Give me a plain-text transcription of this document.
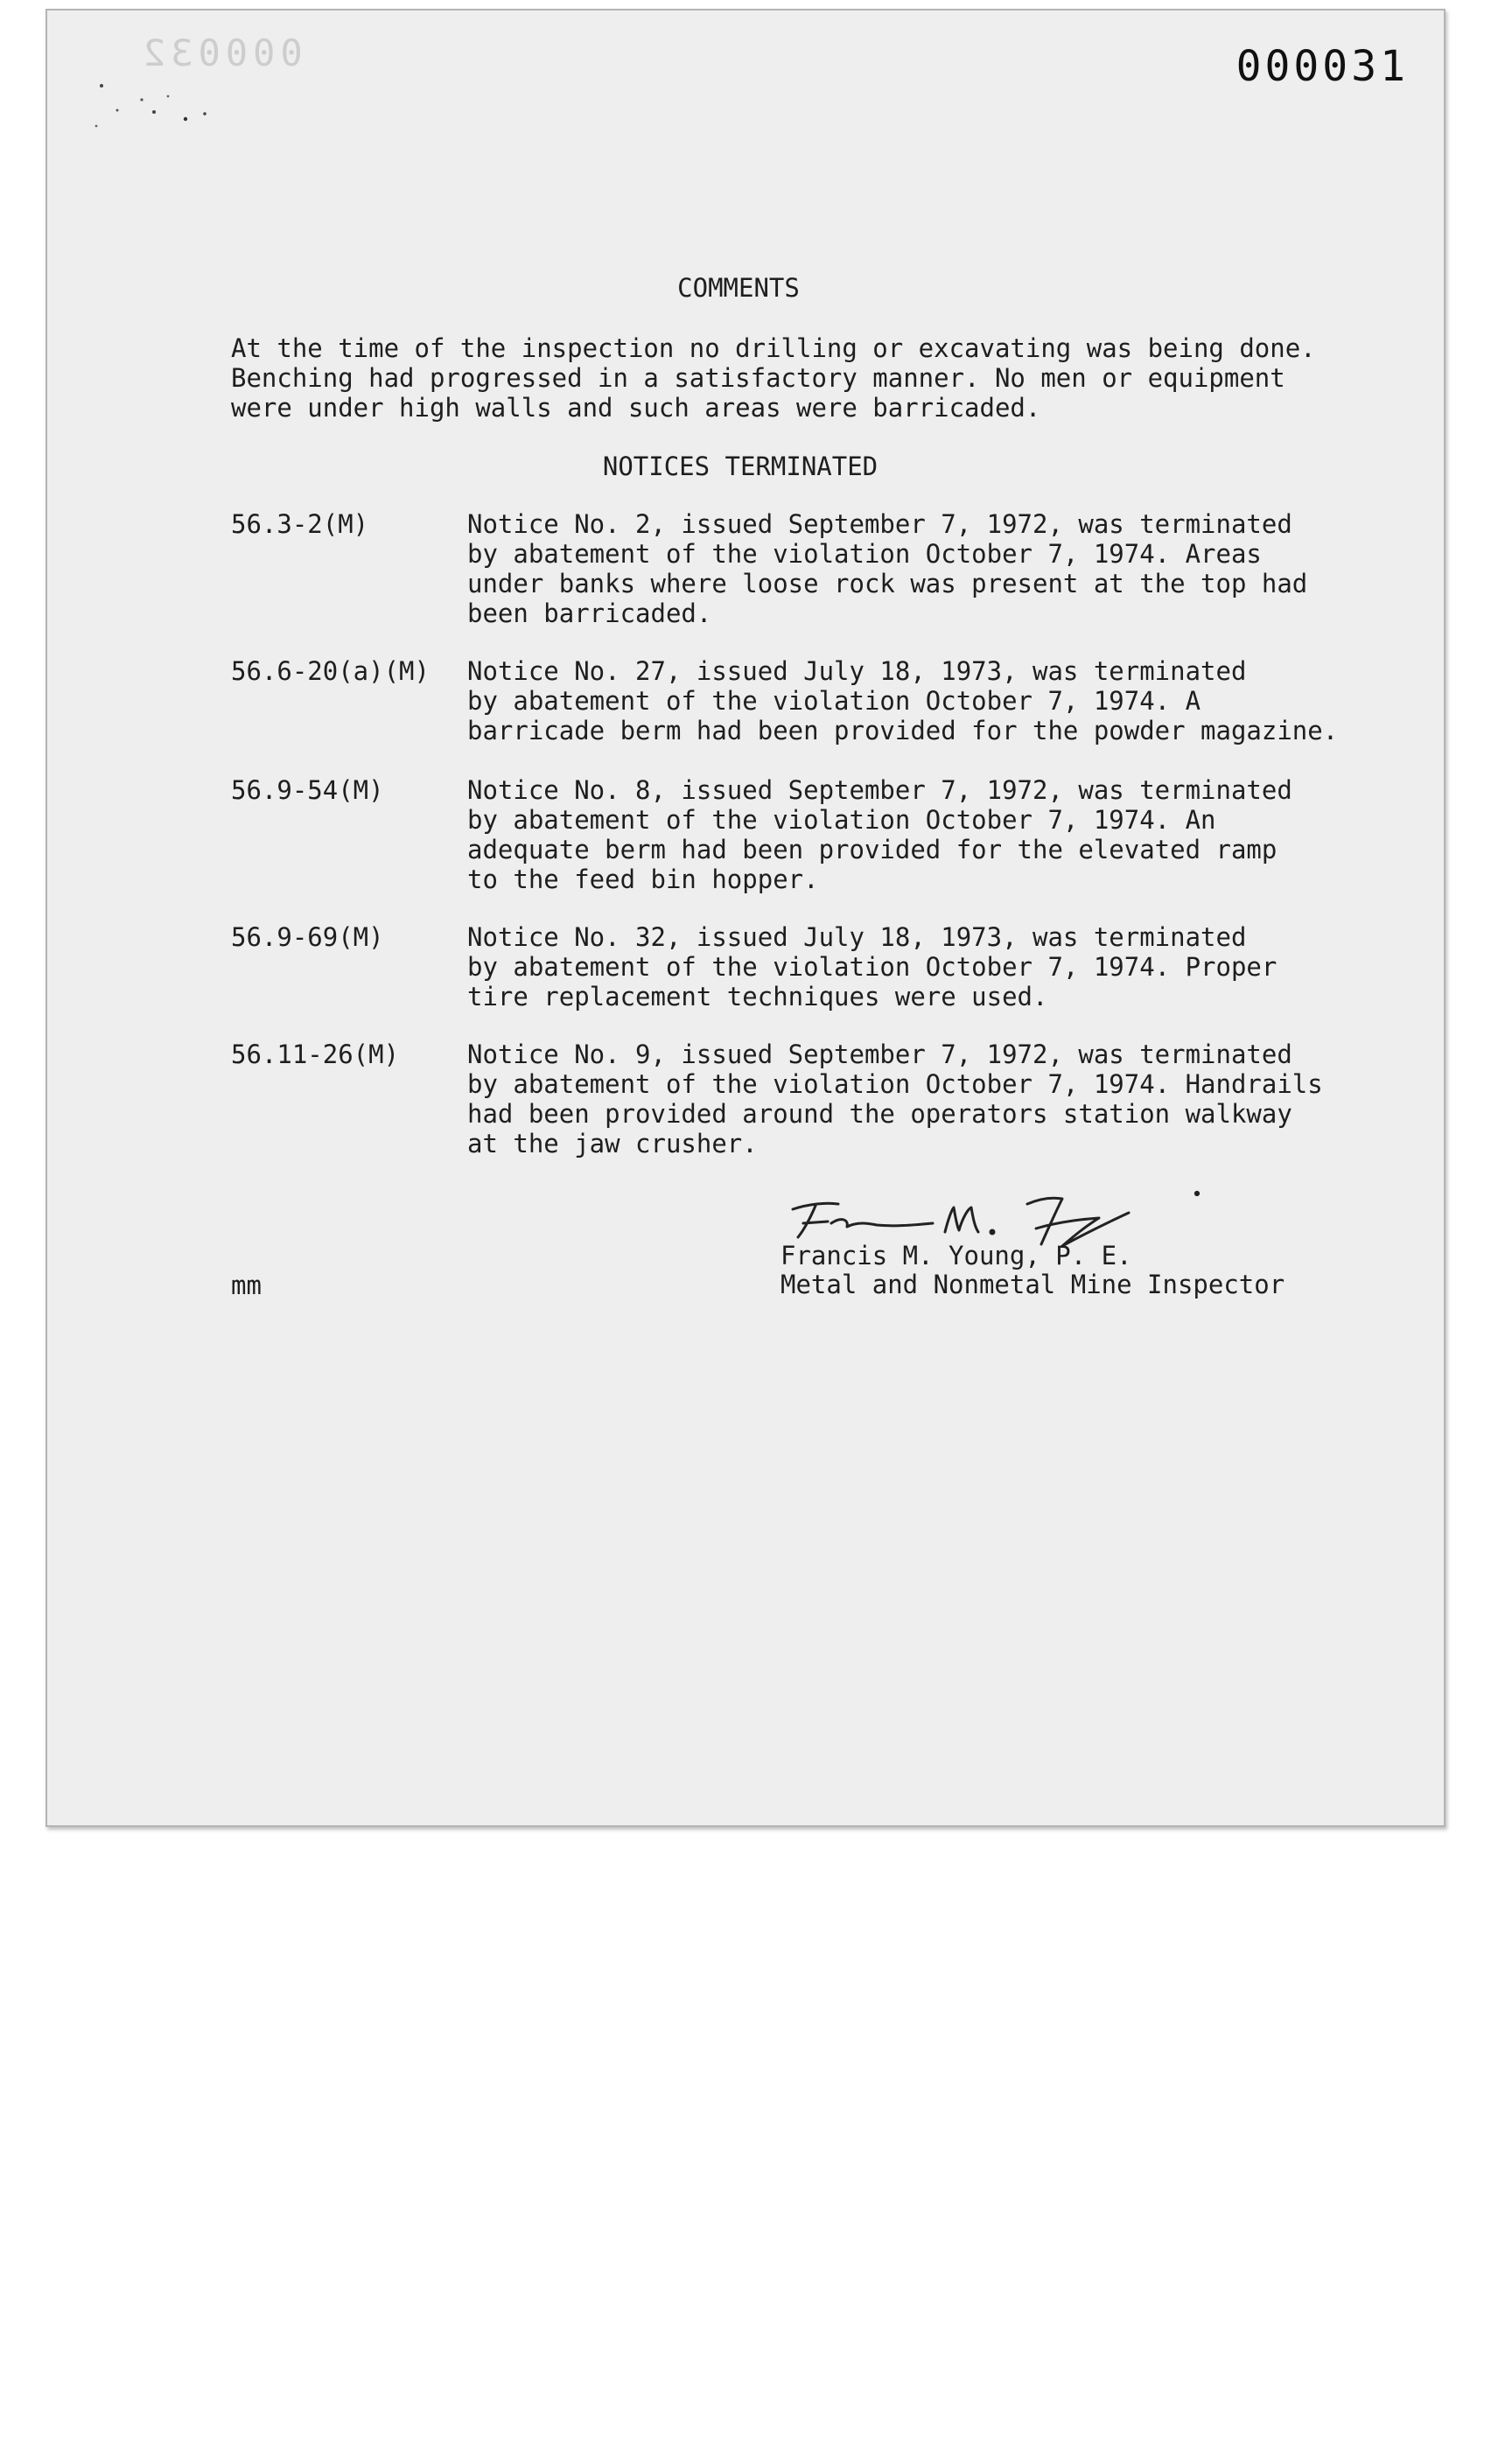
000032	000031
COMMENTS
At the time of the inspection no drilling or excavating was being done.
Benching had progressed in a satisfactory manner. No men or equipment
were under high walls and such areas were barricaded.
NOTICES TERMINATED
56.3-2(M)	Notice No. 2, issued September 7, 1972, was terminated
by abatement of the violation October 7, 1974. Areas
under banks where loose rock was present at the top had
been barricaded.
56.6-20(a)(M) Notice No. 27, issued July 18, 1973, was terminated
by abatement of the violation October 7, 1974. A
barricade berm had been provided for the powder magazine.
56.9-54(M)	Notice No. 8, issued September 7, 1972, was terminated
by abatement of the violation October 7, 1974. An
adequate berm had been provided for the elevated ramp
to the feed bin hopper.
56.9-69(M)	Notice No. 32, issued July 18, 1973, was terminated
by abatement of the violation October 7, 1974. Proper
tire replacement techniques were used.
56.11-26(M)	Notice No. 9, issued September 7, 1972, was terminated
by abatement of the violation October 7, 1974. Handrails
had been provided around the operators station walkway
at the jaw crusher.
Francis M. Young, P. E.
Metal and Nonmetal Mine Inspector
mm
